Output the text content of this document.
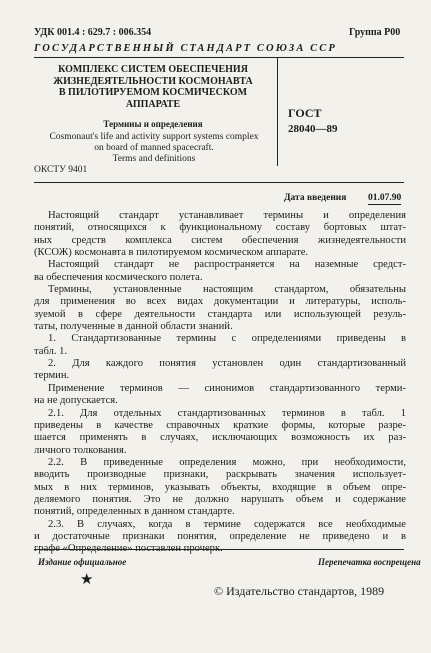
УДК 001.4 : 629.7 : 006.354	Группа Р00
ГОСУДАРСТВЕННЫЙ СТАНДАРТ СОЮЗА ССР
КОМПЛЕКС СИСТЕМ ОБЕСПЕЧЕНИЯ
ЖИЗНЕДЕЯТЕЛЬНОСТИ КОСМОНАВТА
В ПИЛОТИРУЕМОМ КОСМИЧЕСКОМ
АППАРАТЕ
Термины и определения
Cosmonaut's life and activity support systems complex
on board of manned spacecraft.
Terms and definitions
ОКСТУ 9401
ГОСТ
28040—89
Дата введения 01.07.90
Настоящий стандарт устанавливает термины и определения
понятий, относящихся к функциональному составу бортовых штат-
ных средств комплекса систем обеспечения жизнедеятельности
(КСОЖ) космонавта в пилотируемом космическом аппарате.
Настоящий стандарт не распространяется на наземные средст-
ва обеспечения космического полета.
Термины, установленные настоящим стандартом, обязательны
для применения во всех видах документации и литературы, исполь-
зуемой в сфере деятельности стандарта или использующей резуль-
тaты, полученные в данной области знаний.
1. Стандартизованные термины с определениями приведены в
табл. 1.
2. Для каждого понятия установлен один стандартизованный
термин.
Применение терминов — синонимов стандартизованного терми-
на не допускается.
2.1. Для отдельных стандартизованных терминов в табл. 1
приведены в качестве справочных краткие формы, которые разре-
шается применять в случаях, исключающих возможность их раз-
личного толкования.
2.2. В приведенные определения можно, при необходимости,
вводить производные признаки, раскрывать значения использует-
мых в них терминов, указывать объекты, входящие в объем опре-
деляемого понятия. Это не должно нарушать объем и содержание
понятий, определенных в данном стандарте.
2.3. В случаях, когда в термине содержатся все необходимые
и достаточные признаки понятия, определение не приведено и в
графе «Определение» поставлен прочерк.
Издание официальное	Перепечатка воспрещена
★
© Издательство стандартов, 1989
